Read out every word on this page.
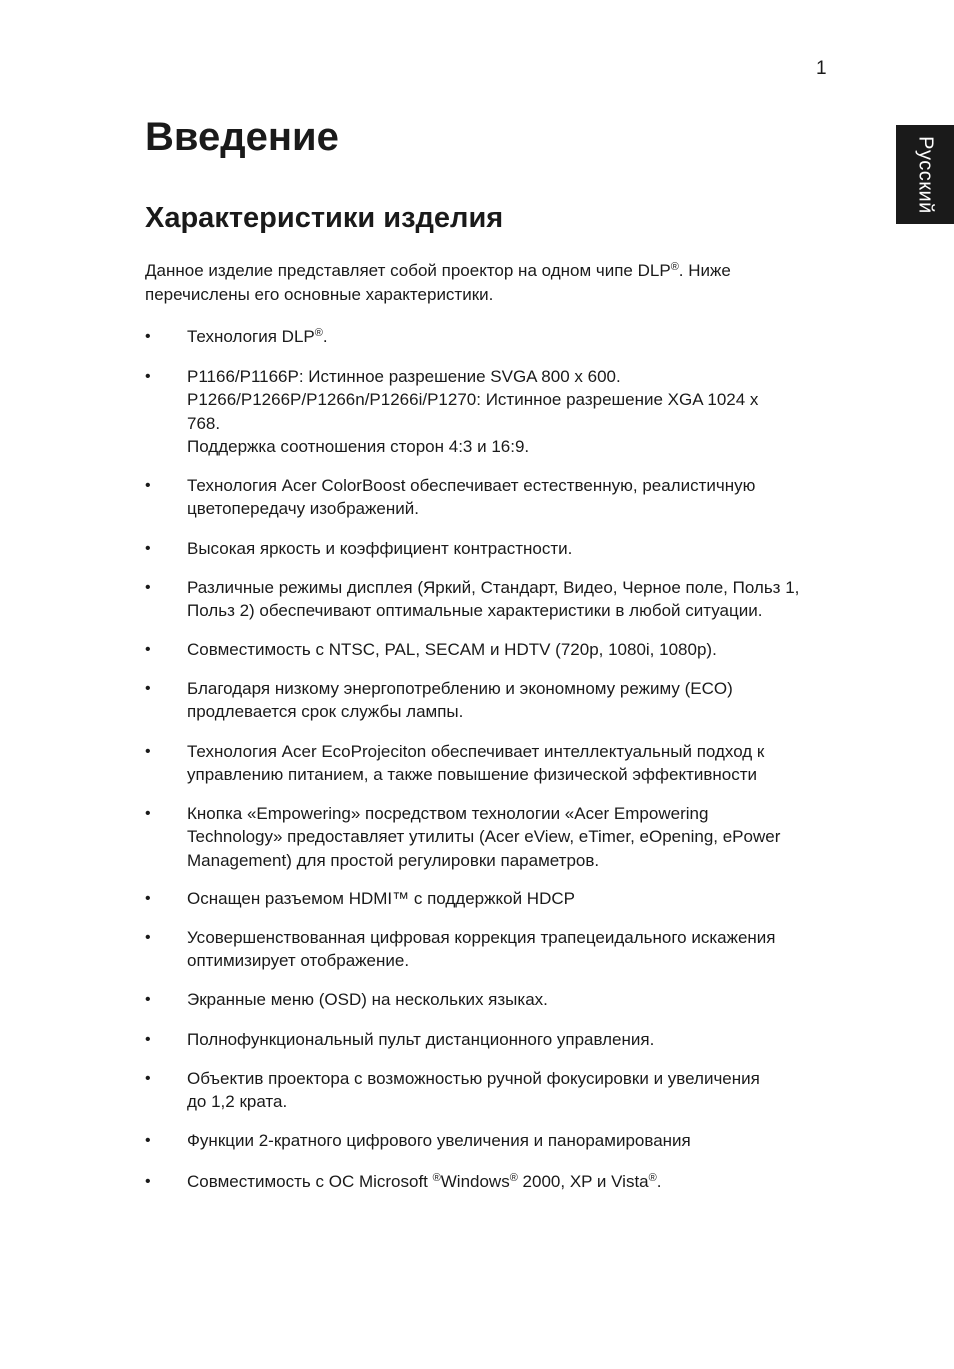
1
Русский
Введение
Характеристики изделия

Данное изделие представляет собой проектор на одном чипе DLP®. Ниже
перечислены его основные характеристики.

•	Технология DLP®.
•	P1166/P1166P: Истинное разрешение SVGA 800 x 600.
P1266/P1266P/P1266n/P1266i/P1270: Истинное разрешение XGA 1024 x
768.
Поддержка соотношения сторон 4:3 и 16:9.
•	Технология Acer ColorBoost обеспечивает естественную, реалистичную
цветопередачу изображений.
•	Высокая яркость и коэффициент контрастности.
•	Различные режимы дисплея (Яркий, Стандарт, Видео, Черное поле, Польз 1,
Польз 2) обеспечивают оптимальные характеристики в любой ситуации.
•	Совместимость с NTSC, PAL, SECAM и HDTV (720p, 1080i, 1080p).
•	Благодаря низкому энергопотреблению и экономному режиму (ECO)
продлевается срок службы лампы.
•	Технология Acer EcoProjeciton обеспечивает интеллектуальный подход к
управлению питанием, а также повышение физической эффективности
•	Кнопка «Empowering» посредством технологии «Acer Empowering
Technology» предоставляет утилиты (Acer eView, eTimer, eOpening, ePower
Management) для простой регулировки параметров.
•	Оснащен разъемом HDMI™ с поддержкой HDCP
•	Усовершенствованная цифровая коррекция трапецеидального искажения
оптимизирует отображение.
•	Экранные меню (OSD) на нескольких языках.
•	Полнофункциональный пульт дистанционного управления.
•	Объектив проектора с возможностью ручной фокусировки и увеличения
до 1,2 крата.
•	Функции 2-кратного цифрового увеличения и панорамирования
•	Совместимость с ОС Microsoft ®Windows® 2000, XP и Vista®.
